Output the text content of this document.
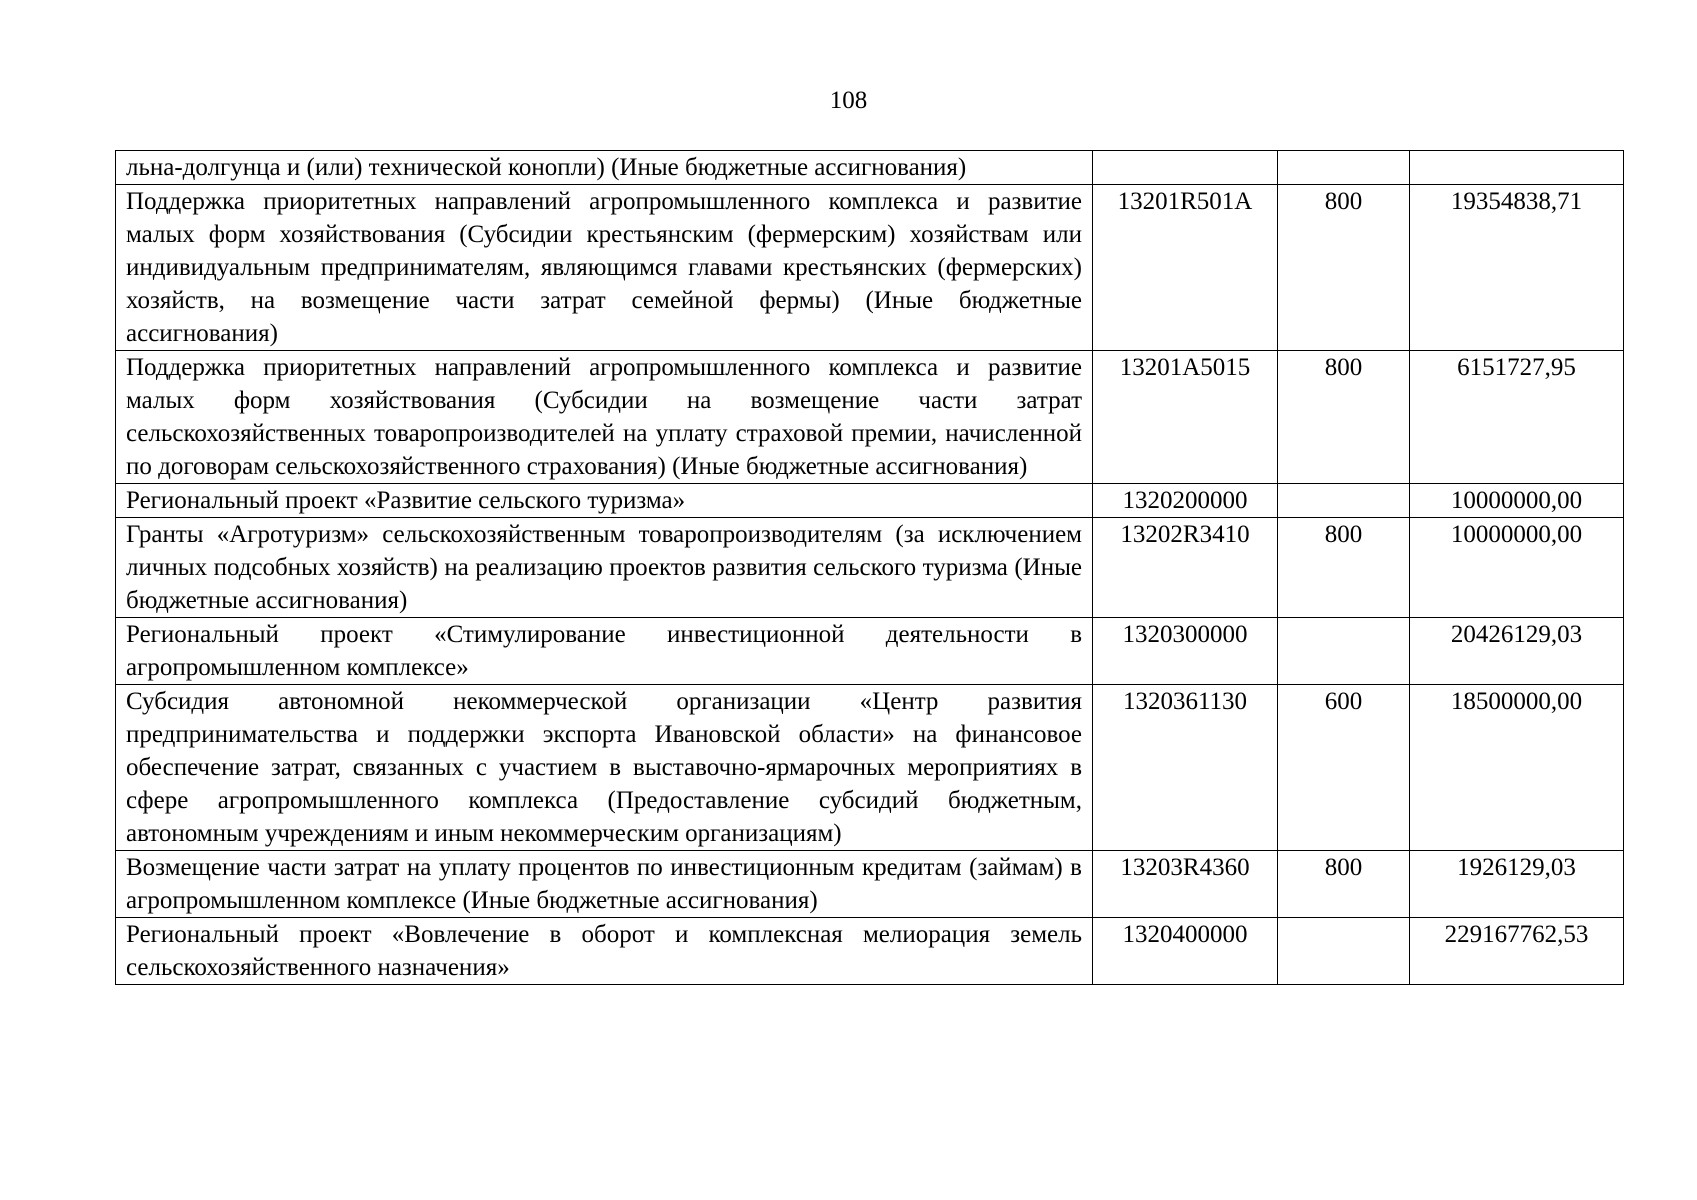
108
льна-долгунца и (или) технической конопли) (Иные бюджетные ассигнования)			
Поддержка приоритетных направлений агропромышленного комплекса и развитие малых форм хозяйствования (Субсидии крестьянским (фермерским) хозяйствам или индивидуальным предпринимателям, являющимся главами крестьянских (фермерских) хозяйств, на возмещение части затрат семейной фермы) (Иные бюджетные ассигнования)	13201R501A	800	19354838,71
Поддержка приоритетных направлений агропромышленного комплекса и развитие малых форм хозяйствования (Субсидии на возмещение части затрат сельскохозяйственных товаропроизводителей на уплату страховой премии, начисленной по договорам сельскохозяйственного страхования) (Иные бюджетные ассигнования)	13201A5015	800	6151727,95
Региональный проект «Развитие сельского туризма»	1320200000		10000000,00
Гранты «Агротуризм» сельскохозяйственным товаропроизводителям (за исключением личных подсобных хозяйств) на реализацию проектов развития сельского туризма (Иные бюджетные ассигнования)	13202R3410	800	10000000,00
Региональный проект «Стимулирование инвестиционной деятельности в агропромышленном комплексе»	1320300000		20426129,03
Субсидия автономной некоммерческой организации «Центр развития предпринимательства и поддержки экспорта Ивановской области» на финансовое обеспечение затрат, связанных с участием в выставочно-ярмарочных мероприятиях в сфере агропромышленного комплекса (Предоставление субсидий бюджетным, автономным учреждениям и иным некоммерческим организациям)	1320361130	600	18500000,00
Возмещение части затрат на уплату процентов по инвестиционным кредитам (займам) в агропромышленном комплексе (Иные бюджетные ассигнования)	13203R4360	800	1926129,03
Региональный проект «Вовлечение в оборот и комплексная мелиорация земель сельскохозяйственного назначения»	1320400000		229167762,53
